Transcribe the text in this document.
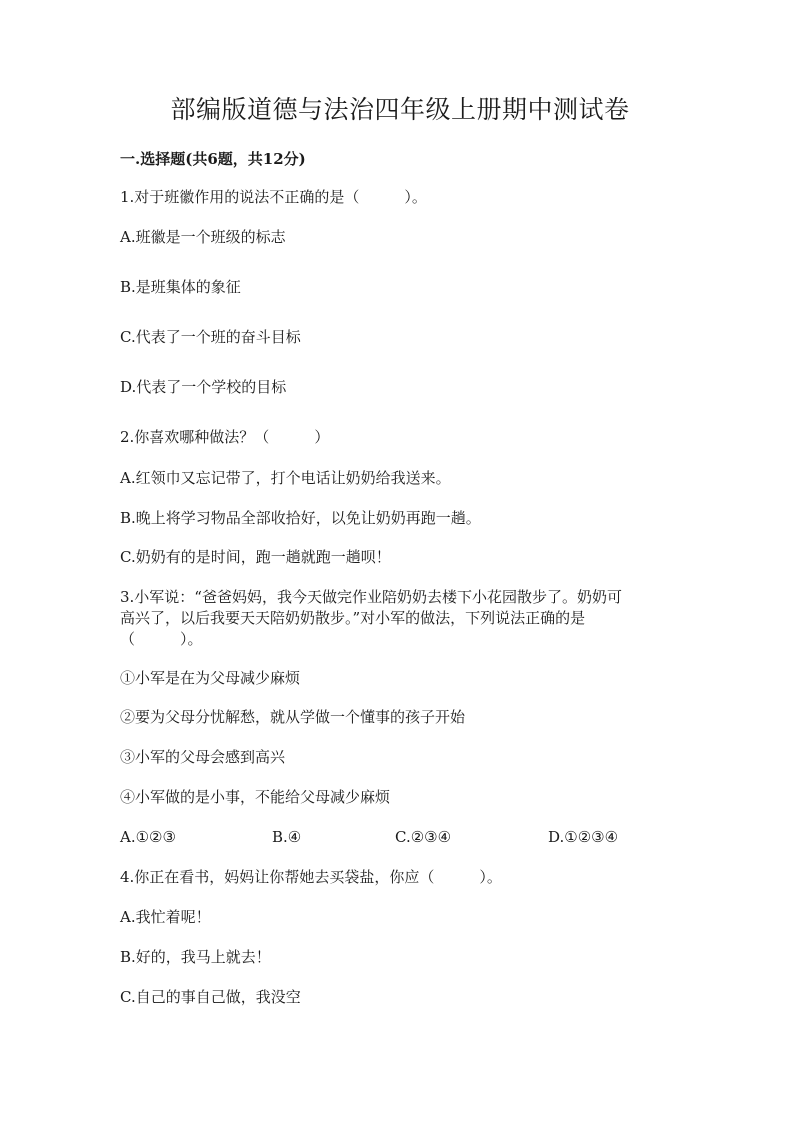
部编版道德与法治四年级上册期中测试卷
一.选择题(共6题，共12分)
1.对于班徽作用的说法不正确的是（　　　）。
A.班徽是一个班级的标志
B.是班集体的象征
C.代表了一个班的奋斗目标
D.代表了一个学校的目标
2.你喜欢哪种做法？（　　　）
A.红领巾又忘记带了，打个电话让奶奶给我送来。
B.晚上将学习物品全部收拾好，以免让奶奶再跑一趟。
C.奶奶有的是时间，跑一趟就跑一趟呗！
3.小军说：“爸爸妈妈，我今天做完作业陪奶奶去楼下小花园散步了。奶奶可
高兴了，以后我要天天陪奶奶散步。”对小军的做法，下列说法正确的是
（　　　）。
①小军是在为父母减少麻烦
②要为父母分忧解愁，就从学做一个懂事的孩子开始
③小军的父母会感到高兴
④小军做的是小事，不能给父母减少麻烦
A.①②③	B.④	C.②③④	D.①②③④
4.你正在看书，妈妈让你帮她去买袋盐，你应（　　　）。
A.我忙着呢！
B.好的，我马上就去！
C.自己的事自己做，我没空
